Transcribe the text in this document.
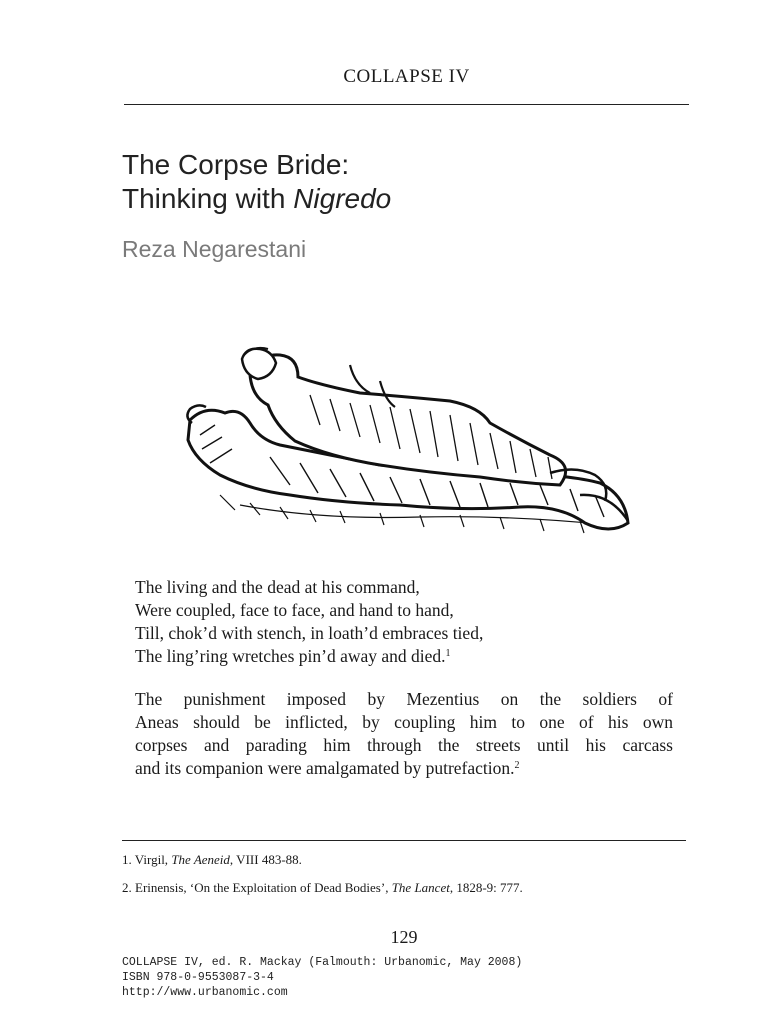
COLLAPSE IV
The Corpse Bride:
Thinking with Nigredo
Reza Negarestani
The living and the dead at his command,
Were coupled, face to face, and hand to hand,
Till, chok’d with stench, in loath’d embraces tied,
The ling’ring wretches pin’d away and died.$^1$
The punishment imposed by Mezentius on the soldiers of
Aneas should be inflicted, by coupling him to one of his own
corpses and parading him through the streets until his carcass
and its companion were amalgamated by putrefaction.$^2$
1. Virgil, The Aeneid, VIII 483-88.
2. Erinensis, ‘On the Exploitation of Dead Bodies’, The Lancet, 1828-9: 777.
129
COLLAPSE IV, ed. R. Mackay (Falmouth: Urbanomic, May 2008)
ISBN 978-0-9553087-3-4
http://www.urbanomic.com
